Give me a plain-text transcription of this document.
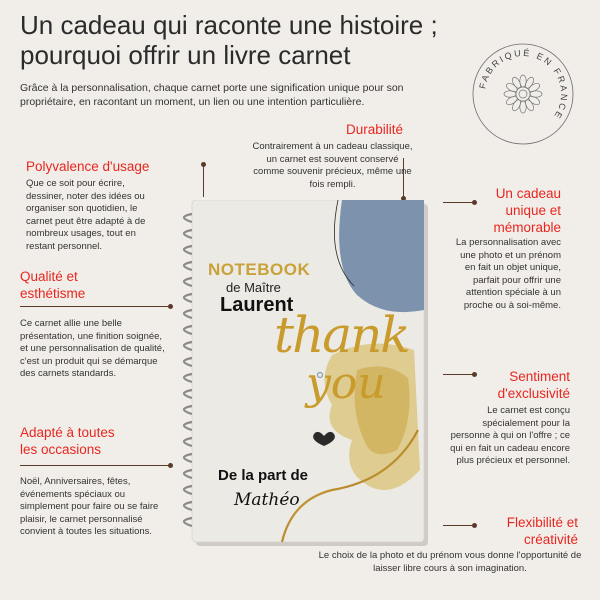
Un cadeau qui raconte une histoire ;
pourquoi offrir un livre carnet
Grâce à la personnalisation, chaque carnet porte une signification unique pour son propriétaire, en racontant un moment, un lien ou une intention particulière.
FABRIQUÉ EN FRANCE
Durabilité
Contrairement à un cadeau classique, un carnet est souvent conservé comme souvenir précieux, même une fois rempli.
Polyvalence d'usage
Que ce soit pour écrire, dessiner, noter des idées ou organiser son quotidien, le carnet peut être adapté à de nombreux usages, tout en restant personnel.
Qualité et
esthétisme
Ce carnet allie une belle présentation, une finition soignée, et une personnalisation de qualité, c'est un produit qui se démarque des carnets standards.
Adapté à toutes
les occasions
Noël, Anniversaires, fêtes, événements spéciaux ou simplement pour faire ou se faire plaisir, le carnet personnalisé convient à toutes les situations.
Un cadeau
unique et
mémorable
La personnalisation avec une photo et un prénom en fait un objet unique, parfait pour offrir une attention spéciale à un proche ou à soi-même.
Sentiment
d'exclusivité
Le carnet est conçu spécialement pour la personne à qui on l'offre ; ce qui en fait un cadeau encore plus précieux et personnel.
Flexibilité et
créativité
Le choix de la photo et du prénom vous donne l'opportunité de laisser libre cours à son imagination.
NOTEBOOK
de Maître
Laurent
thank
you
De la part de
Mathéo
